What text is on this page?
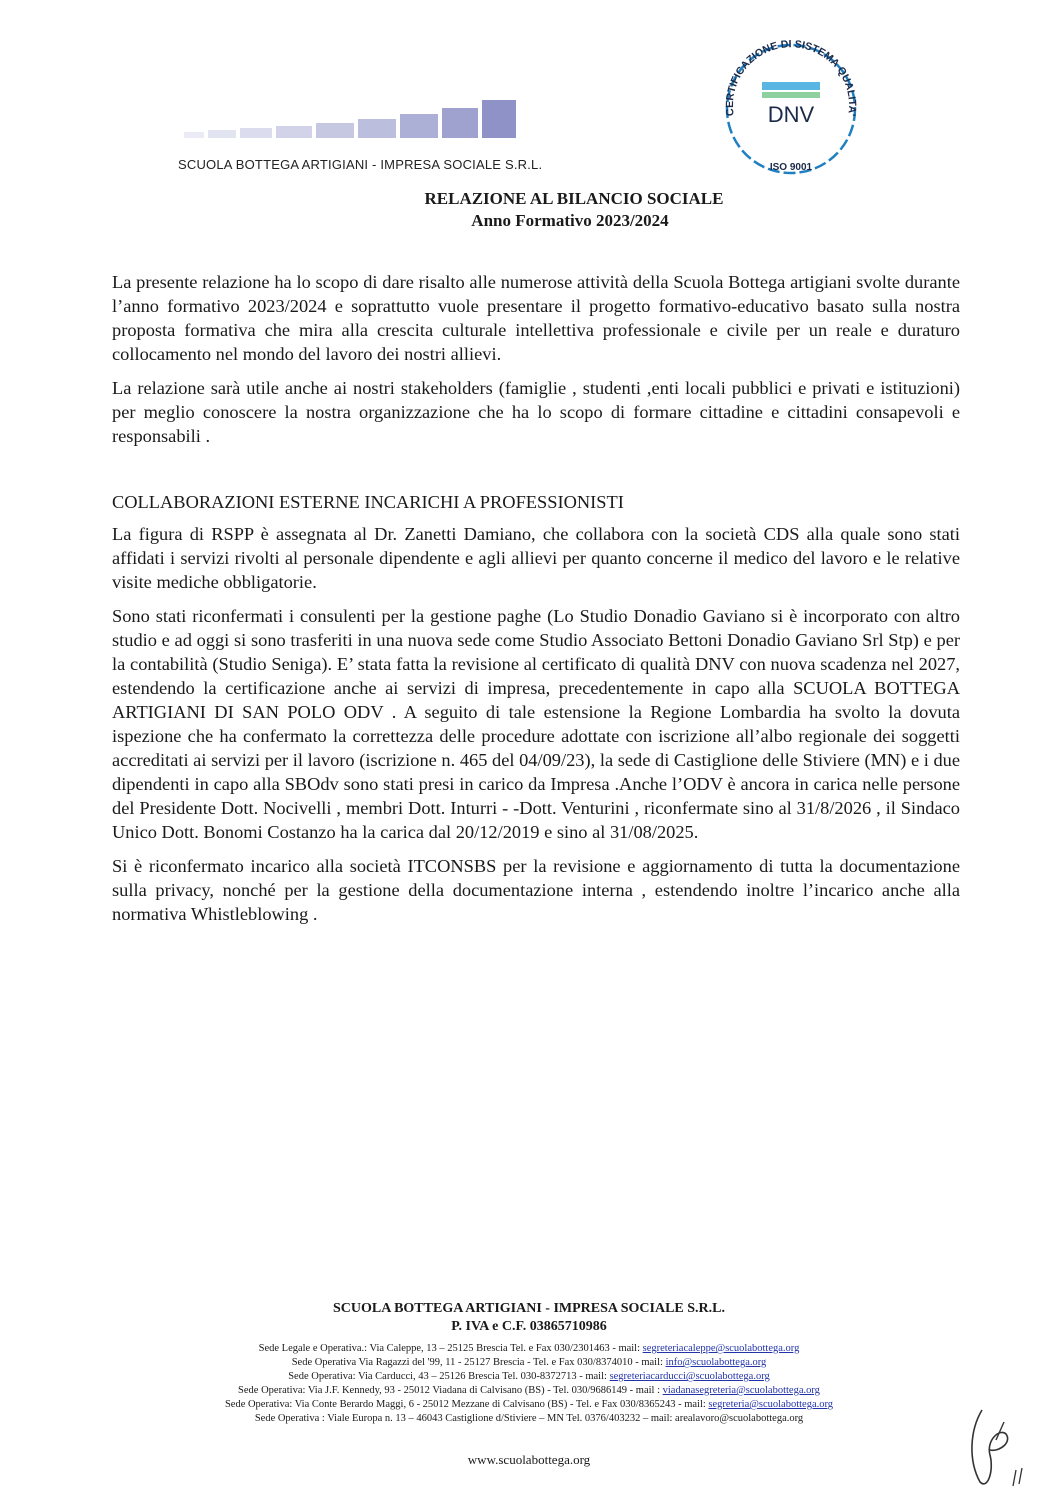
SCUOLA BOTTEGA ARTIGIANI - IMPRESA SOCIALE S.R.L.
CERTIFICAZIONE DI SISTEMA QUALITA'
DNV
ISO 9001
RELAZIONE AL BILANCIO SOCIALE
Anno Formativo 2023/2024

La presente relazione ha lo scopo di dare risalto alle numerose attività della Scuola Bottega artigiani svolte durante l’anno formativo 2023/2024 e soprattutto vuole presentare il progetto formativo-educativo basato sulla nostra proposta formativa che mira alla crescita culturale intellettiva professionale e civile per un reale e duraturo collocamento nel mondo del lavoro dei nostri allievi.

La relazione sarà utile anche ai nostri stakeholders (famiglie , studenti ,enti locali pubblici e privati e istituzioni) per meglio conoscere la nostra organizzazione che ha lo scopo di formare cittadine e cittadini consapevoli e responsabili .

COLLABORAZIONI ESTERNE INCARICHI A PROFESSIONISTI

La figura di RSPP è assegnata al Dr. Zanetti Damiano, che collabora con la società CDS alla quale sono stati affidati i servizi rivolti al personale dipendente e agli allievi per quanto concerne il medico del lavoro e le relative visite mediche obbligatorie.

Sono stati riconfermati i consulenti per la gestione paghe (Lo Studio Donadio Gaviano si è incorporato con altro studio e ad oggi si sono trasferiti in una nuova sede come Studio Associato Bettoni Donadio Gaviano Srl Stp) e per la contabilità (Studio Seniga). E’ stata fatta la revisione al certificato di qualità DNV con nuova scadenza nel 2027, estendendo la certificazione anche ai servizi di impresa, precedentemente in capo alla SCUOLA BOTTEGA ARTIGIANI DI SAN POLO ODV . A seguito di tale estensione la Regione Lombardia ha svolto la dovuta ispezione che ha confermato la correttezza delle procedure adottate con iscrizione all’albo regionale dei soggetti accreditati ai servizi per il lavoro (iscrizione n. 465 del 04/09/23), la sede di Castiglione delle Stiviere (MN) e i due dipendenti in capo alla SBOdv sono stati presi in carico da Impresa .Anche l’ODV è ancora in carica nelle persone del Presidente Dott. Nocivelli , membri Dott. Inturri - -Dott. Venturini , riconfermate sino al 31/8/2026 , il Sindaco Unico Dott. Bonomi Costanzo ha la carica dal 20/12/2019 e sino al 31/08/2025.

Si è riconfermato incarico alla società ITCONSBS per la revisione e aggiornamento di tutta la documentazione sulla privacy, nonché per la gestione della documentazione interna , estendendo inoltre l’incarico anche alla normativa Whistleblowing .

SCUOLA BOTTEGA ARTIGIANI - IMPRESA SOCIALE S.R.L.
P. IVA e C.F. 03865710986
Sede Legale e Operativa.: Via Caleppe, 13 – 25125 Brescia Tel. e Fax 030/2301463 - mail: segreteriacaleppe@scuolabottega.org
Sede Operativa Via Ragazzi del '99, 11 - 25127 Brescia - Tel. e Fax 030/8374010 - mail: info@scuolabottega.org
Sede Operativa: Via Carducci, 43 – 25126 Brescia Tel. 030-8372713 - mail: segreteriacarducci@scuolabottega.org
Sede Operativa: Via J.F. Kennedy, 93 - 25012 Viadana di Calvisano (BS) - Tel. 030/9686149 - mail : viadanasegreteria@scuolabottega.org
Sede Operativa: Via Conte Berardo Maggi, 6 - 25012 Mezzane di Calvisano (BS) - Tel. e Fax 030/8365243 - mail: segreteria@scuolabottega.org
Sede Operativa : Viale Europa n. 13 – 46043 Castiglione d/Stiviere – MN Tel. 0376/403232 – mail: arealavoro@scuolabottega.org
www.scuolabottega.org
